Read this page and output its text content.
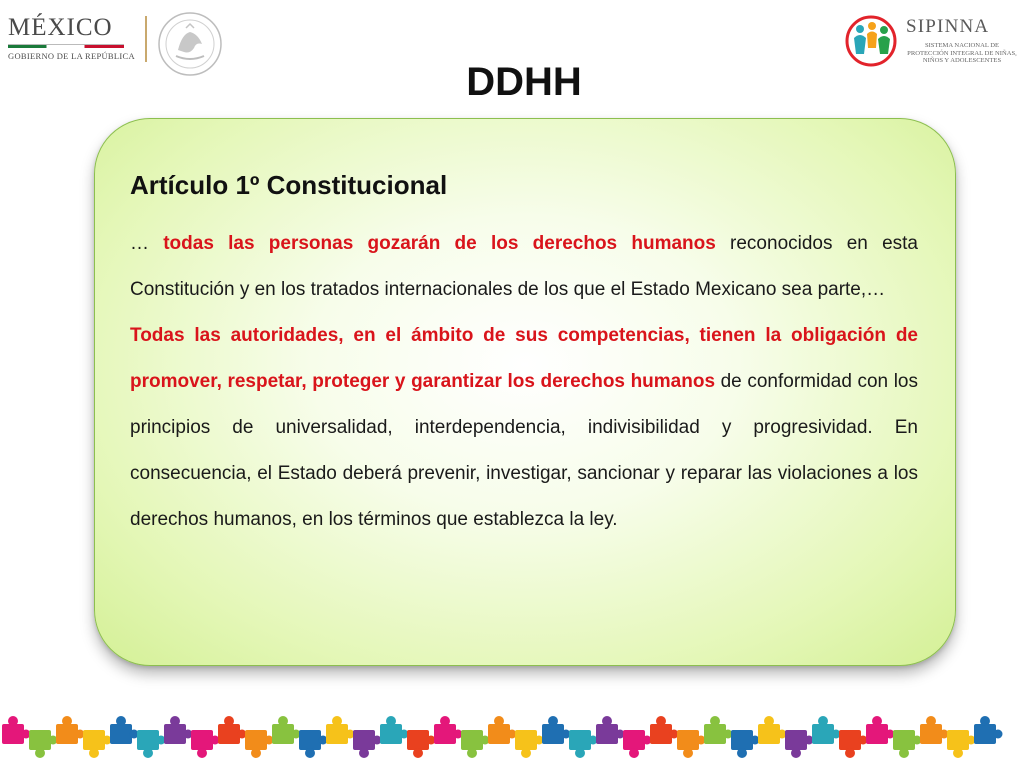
MÉXICO
GOBIERNO DE LA REPÚBLICA
SIPINNA
SISTEMA NACIONAL DE PROTECCIÓN INTEGRAL DE NIÑAS, NIÑOS Y ADOLESCENTES
DDHH
Artículo 1º Constitucional

… todas las personas gozarán de los derechos humanos reconocidos en esta Constitución y en los tratados internacionales de los que el Estado Mexicano sea parte,…

Todas las autoridades, en el ámbito de sus competencias, tienen la obligación de promover, respetar, proteger y garantizar los derechos humanos de conformidad con los principios de universalidad, interdependencia, indivisibilidad y progresividad. En consecuencia, el Estado deberá prevenir, investigar, sancionar y reparar las violaciones a los derechos humanos, en los términos que establezca la ley.
